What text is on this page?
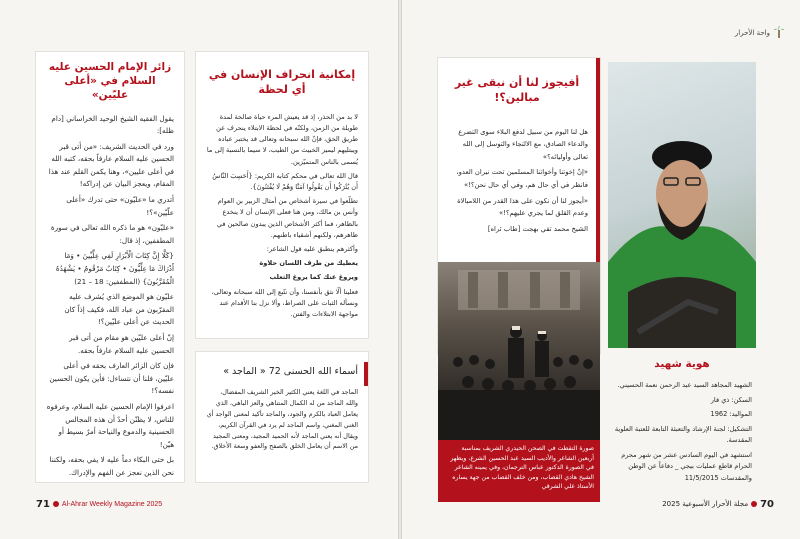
زائر الإمام الحسين عليه السلام في «أعلى عليّين»

يقول الفقيه الشيخ الوحيد الخراساني [دام ظله]:

ورد في الحديث الشريف: «من أتى قبر الحسين عليه السلام عارفاً بحقه، كتبه الله في أعلى عليين»، وهنا يكمن القلم عند هذا المقام، ويعجز البيان عن إدراكه!

أتدري ما «عليّون» حتى تدرك «أعلى علّيّين»؟!

«عليّون» هو ما ذكره الله تعالى في سورة المطففين، إذ قال:

{كَلَّا إِنَّ كِتَابَ الْأَبْرَارِ لَفِي عِلِّيِّينَ • وَمَا أَدْرَاكَ مَا عِلِّيُّونَ • كِتَابٌ مَرْقُومٌ • يَشْهَدُهُ الْمُقَرَّبُونَ} (المطففين: 18 – 21)

عليّون هو الموضع الذي يُشرف عليه المقرّبون من عباد الله، فكيف إذاً كان الحديث عن أعلى عليّين؟!

إنّ أعلى عليّين هو مقام من أتى قبر الحسين عليه السلام عارفاً بحقه.

فإن كان الزائر العارف بحقه في أعلى عليّين، فلنا أن نتساءل: فأين يكون الحسين نفسه؟!

اعرفوا الإمام الحسين عليه السلام، وعرفوه للناس، لا يظنّن أحدٌ أن هذه المجالس الحسينية والدموع والنياحة أمرٌ بسيط أو هيّن!

بل حتى البكاء دماً عليه لا يفي بحقه، ولكننا نحن الذين نعجز عن الفهم والإدراك.

إمكانية انحراف الإنسان في أي لحظة

لا بد من الحذر، إذ قد يعيش المرء حياة صالحة لمدة طويلة من الزمن، ولكنّه في لحظة الابتلاء ينحرف عن طريق الحق، فإنّ الله سبحانه وتعالى قد يختبر عباده ويبتليهم ليميز الخبيث من الطيب، لا سيما بالنسبة إلى ما يُسمى بالناس المتميّزين.

قال الله تعالى في محكم كتابه الكريم: {أَحَسِبَ النَّاسُ أَن يُتْرَكُوا أَن يَقُولُوا آمَنَّا وَهُمْ لَا يُفْتَنُونَ}.

تطلّعوا في سيرة أشخاص من أمثال الزبير بن العوام وأنس بن مالك، ومن هنا فعلى الإنسان أن لا ينخدع بالظاهر، فما أكثر الأشخاص الذين يبدون صالحين في ظاهرهم، ولكنهم أشقياء باطنهم.

وأكثرهم ينطبق عليه قول الشاعر:

يعطيك من طرف اللسان حلاوة

ويروغ عنك كما يروغ الثعلب

فعلينا ألّا نثق بأنفسنا، وأن نتّبع إلى الله سبحانه وتعالى، ونسأله الثبات على الصراط، وألا نزل بنا الأقدام عند مواجهة الابتلاءات والفتن.

أسماء الله الحسنى 72 « الماجد »

الماجد في اللغة يعني الكثير الخير الشريف المفضال، والله الماجد من له الكمال المتناهي والعز الباهي، الذي يعامل العباد بالكرم والجود، والماجد تأكيد لمعنى الواجد أي الغني المغني، واسم الماجد لم يرد في القرآن الكريم، ويقال أنه يعني الماجد لأنه الحميد المجيد، ومعنى المجيد من الاسم أن يعامل الخلق بالصفح والعفو وسعة الأخلاق.

71 Al-Ahrar Weekly Magazine 2025
واحة الأحرار
أفيجوز لنا أن نبقى غير مبالين؟!

هل لنا اليوم من سبيل لدفع البلاء سوى التضرع والدعاء الصادق، مع الالتجاء والتوسل إلى الله تعالى وأوليائه؟»

«إنّ إخوتنا وأخواتنا المسلمين تحت نيران العدو، فانظر في أي حال هم، وفي أي حال نحن؟!»

«أيجوز لنا أن نكون على هذا القدر من اللامبالاة وعدم القلق لما يجري عليهم؟!»

الشيخ محمد تقي بهجت [طاب ثراه]

صورة التقطت في الصحن الحيدري الشريف بمناسبة أربعين الشاعر والأديب السيد عبد الحسين الشرع، ويظهر في الصورة الدكتور عباس الترجمان، وفي يمينه الشاعر الشيخ هادي القصاب، ومن خلف القصاب من جهة يساره الأستاذ علي الشرقي
هوية شهيد

الشهيد المجاهد السيد عبد الرحمن نعمة الحسيني.

السكن: ذي قار

المواليد: 1962

التشكيل: لجنة الإرشاد والتعبئة التابعة للعتبة العلوية المقدسة.

استشهد في اليوم السادس عشر من شهر محرم الحرام قاطع عمليات بيجي _ دفاعاً عن الوطن والمقدسات 11/5/2015

70
مجلة الأحرار الأسبوعية 2025
